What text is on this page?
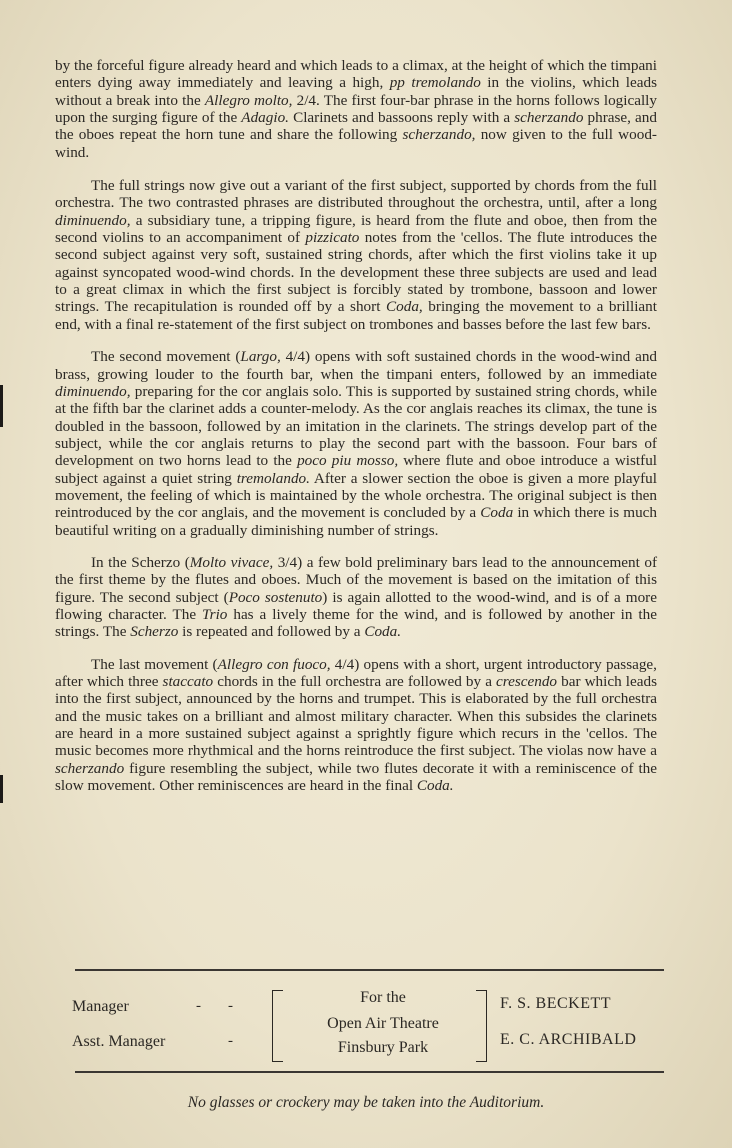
by the forceful figure already heard and which leads to a climax, at the height of which the timpani enters dying away immediately and leaving a high, pp tremolando in the violins, which leads without a break into the Allegro molto, 2/4. The first four-bar phrase in the horns follows logically upon the surging figure of the Adagio. Clarinets and bassoons reply with a scherzando phrase, and the oboes repeat the horn tune and share the following scherzando, now given to the full wood-wind.

The full strings now give out a variant of the first subject, supported by chords from the full orchestra. The two contrasted phrases are distributed throughout the orchestra, until, after a long diminuendo, a subsidiary tune, a tripping figure, is heard from the flute and oboe, then from the second violins to an accompaniment of pizzicato notes from the 'cellos. The flute introduces the second subject against very soft, sustained string chords, after which the first violins take it up against syncopated wood-wind chords. In the development these three subjects are used and lead to a great climax in which the first subject is forcibly stated by trombone, bassoon and lower strings. The recapitulation is rounded off by a short Coda, bringing the movement to a brilliant end, with a final re-statement of the first subject on trombones and basses before the last few bars.

The second movement (Largo, 4/4) opens with soft sustained chords in the wood-wind and brass, growing louder to the fourth bar, when the timpani enters, followed by an immediate diminuendo, preparing for the cor anglais solo. This is supported by sustained string chords, while at the fifth bar the clarinet adds a counter-melody. As the cor anglais reaches its climax, the tune is doubled in the bassoon, followed by an imitation in the clarinets. The strings develop part of the subject, while the cor anglais returns to play the second part with the bassoon. Four bars of development on two horns lead to the poco piu mosso, where flute and oboe introduce a wistful subject against a quiet string tremolando. After a slower section the oboe is given a more playful movement, the feeling of which is maintained by the whole orchestra. The original subject is then reintroduced by the cor anglais, and the movement is concluded by a Coda in which there is much beautiful writing on a gradually diminishing number of strings.

In the Scherzo (Molto vivace, 3/4) a few bold preliminary bars lead to the announcement of the first theme by the flutes and oboes. Much of the movement is based on the imitation of this figure. The second subject (Poco sostenuto) is again allotted to the wood-wind, and is of a more flowing character. The Trio has a lively theme for the wind, and is followed by another in the strings. The Scherzo is repeated and followed by a Coda.

The last movement (Allegro con fuoco, 4/4) opens with a short, urgent introductory passage, after which three staccato chords in the full orchestra are followed by a crescendo bar which leads into the first subject, announced by the horns and trumpet. This is elaborated by the full orchestra and the music takes on a brilliant and almost military character. When this subsides the clarinets are heard in a more sustained subject against a sprightly figure which recurs in the 'cellos. The music becomes more rhythmical and the horns reintroduce the first subject. The violas now have a scherzando figure resembling the subject, while two flutes decorate it with a reminiscence of the slow movement. Other reminiscences are heard in the final Coda.

Manager	- -
Asst. Manager	-
For the
Open Air Theatre
Finsbury Park
F. S. BECKETT
E. C. ARCHIBALD
No glasses or crockery may be taken into the Auditorium.
